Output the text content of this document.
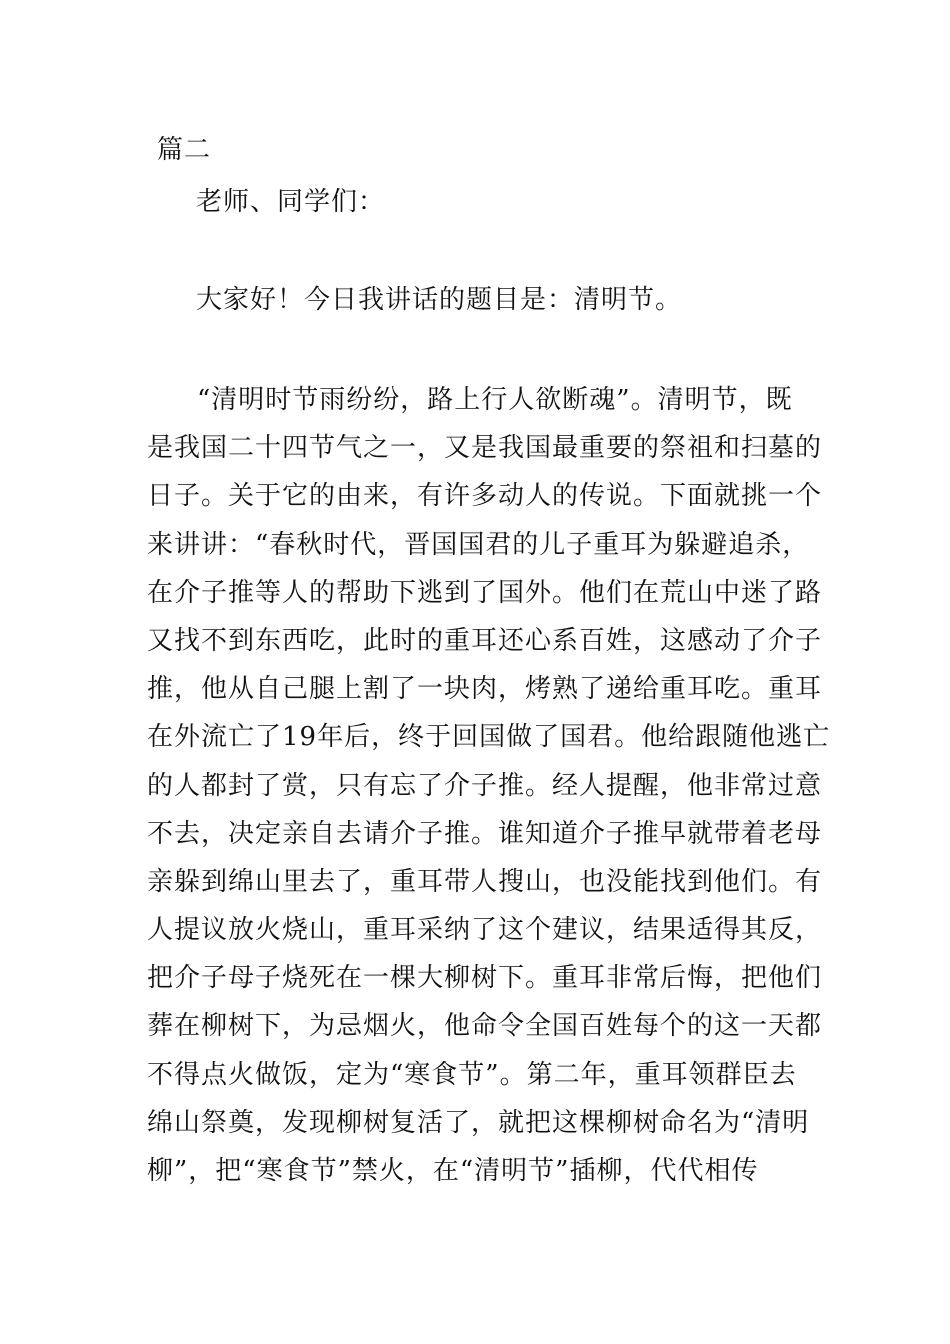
篇二

老师、同学们：

大家好！今日我讲话的题目是：清明节。

“清明时节雨纷纷，路上行人欲断魂”。清明节，既
是我国二十四节气之一，又是我国最重要的祭祖和扫墓的
日子。关于它的由来，有许多动人的传说。下面就挑一个
来讲讲：“春秋时代，晋国国君的儿子重耳为躲避追杀，
在介子推等人的帮助下逃到了国外。他们在荒山中迷了路
又找不到东西吃，此时的重耳还心系百姓，这感动了介子
推，他从自己腿上割了一块肉，烤熟了递给重耳吃。重耳
在外流亡了19年后，终于回国做了国君。他给跟随他逃亡
的人都封了赏，只有忘了介子推。经人提醒，他非常过意
不去，决定亲自去请介子推。谁知道介子推早就带着老母
亲躲到绵山里去了，重耳带人搜山，也没能找到他们。有
人提议放火烧山，重耳采纳了这个建议，结果适得其反，
把介子母子烧死在一棵大柳树下。重耳非常后悔，把他们
葬在柳树下，为忌烟火，他命令全国百姓每个的这一天都
不得点火做饭，定为“寒食节”。第二年，重耳领群臣去
绵山祭奠，发现柳树复活了，就把这棵柳树命名为“清明
柳”，把“寒食节”禁火，在“清明节”插柳，代代相传
